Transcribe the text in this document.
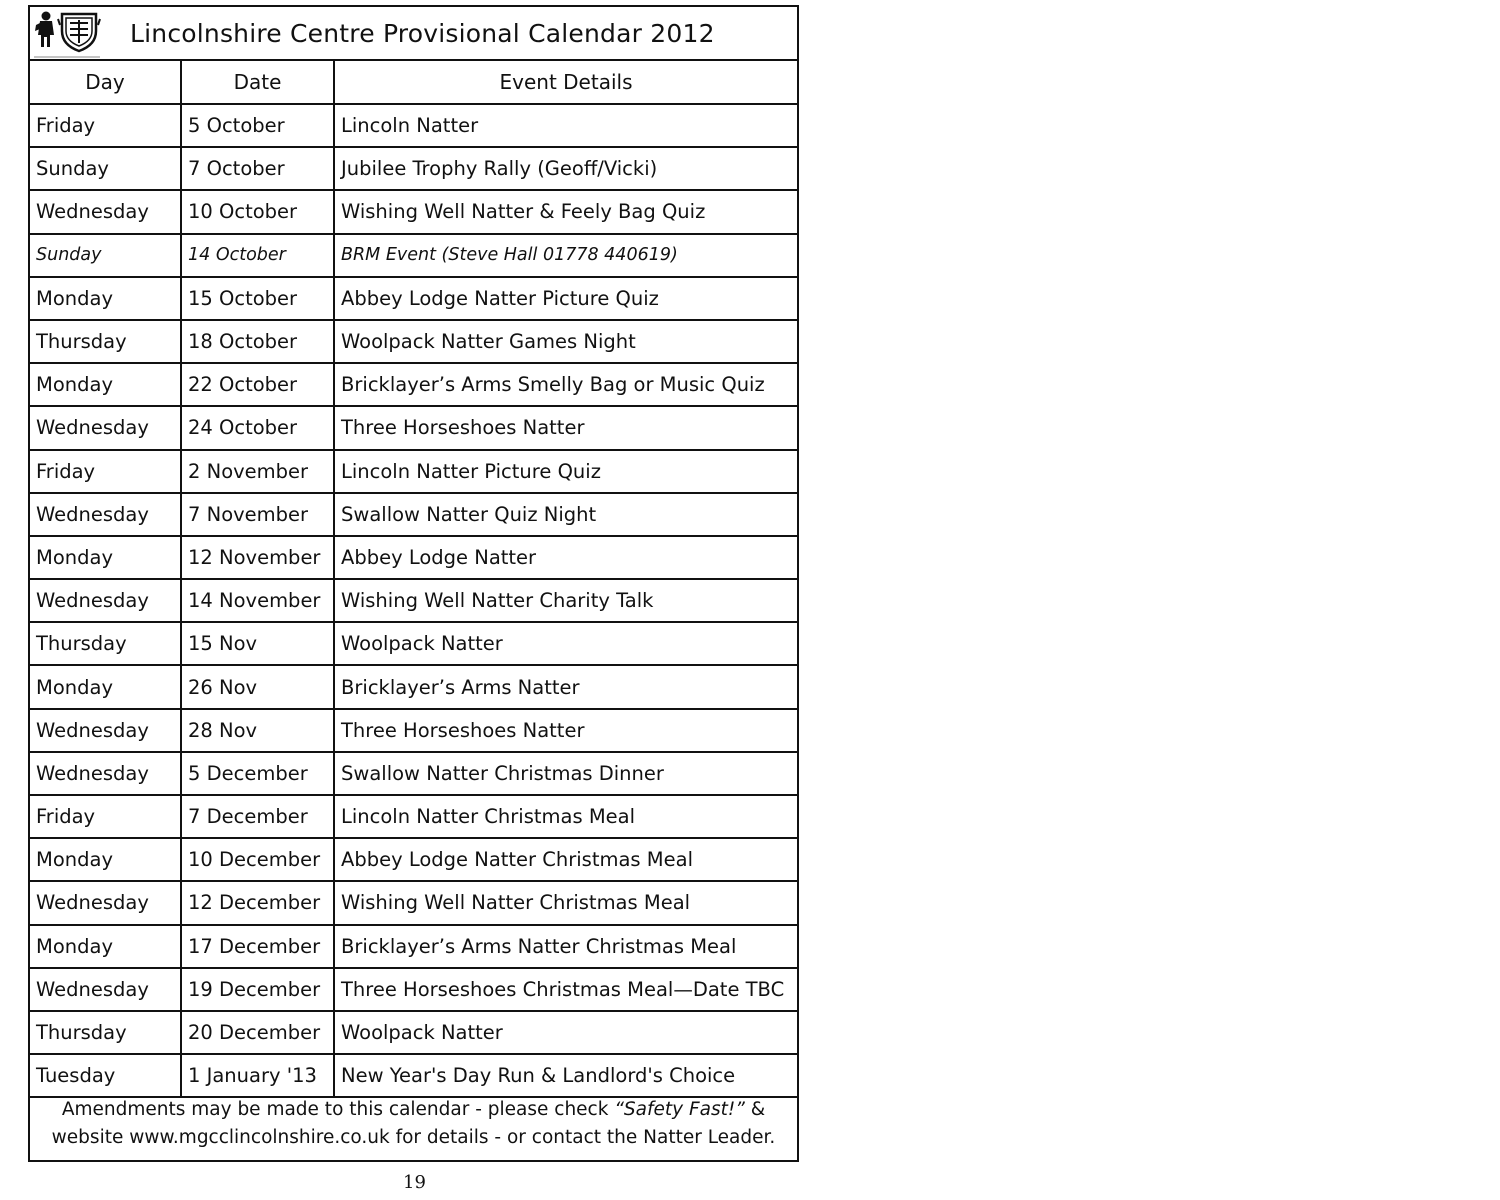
Lincolnshire Centre Provisional Calendar 2012
Day	Date	Event Details
Friday	5 October	Lincoln Natter
Sunday	7 October	Jubilee Trophy Rally (Geoff/Vicki)
Wednesday	10 October	Wishing Well Natter & Feely Bag Quiz
Sunday	14 October	BRM Event (Steve Hall 01778 440619)
Monday	15 October	Abbey Lodge Natter Picture Quiz
Thursday	18 October	Woolpack Natter Games Night
Monday	22 October	Bricklayer’s Arms Smelly Bag or Music Quiz
Wednesday	24 October	Three Horseshoes Natter
Friday	2 November	Lincoln Natter Picture Quiz
Wednesday	7 November	Swallow Natter Quiz Night
Monday	12 November	Abbey Lodge Natter
Wednesday	14 November	Wishing Well Natter Charity Talk
Thursday	15 Nov	Woolpack Natter
Monday	26 Nov	Bricklayer’s Arms Natter
Wednesday	28 Nov	Three Horseshoes Natter
Wednesday	5 December	Swallow Natter Christmas Dinner
Friday	7 December	Lincoln Natter Christmas Meal
Monday	10 December	Abbey Lodge Natter Christmas Meal
Wednesday	12 December	Wishing Well Natter Christmas Meal
Monday	17 December	Bricklayer’s Arms Natter Christmas Meal
Wednesday	19 December	Three Horseshoes Christmas Meal—Date TBC
Thursday	20 December	Woolpack Natter
Tuesday	1 January '13	New Year's Day Run & Landlord's Choice
Amendments may be made to this calendar - please check “Safety Fast!” &
website www.mgcclincolnshire.co.uk for details - or contact the Natter Leader.
19
